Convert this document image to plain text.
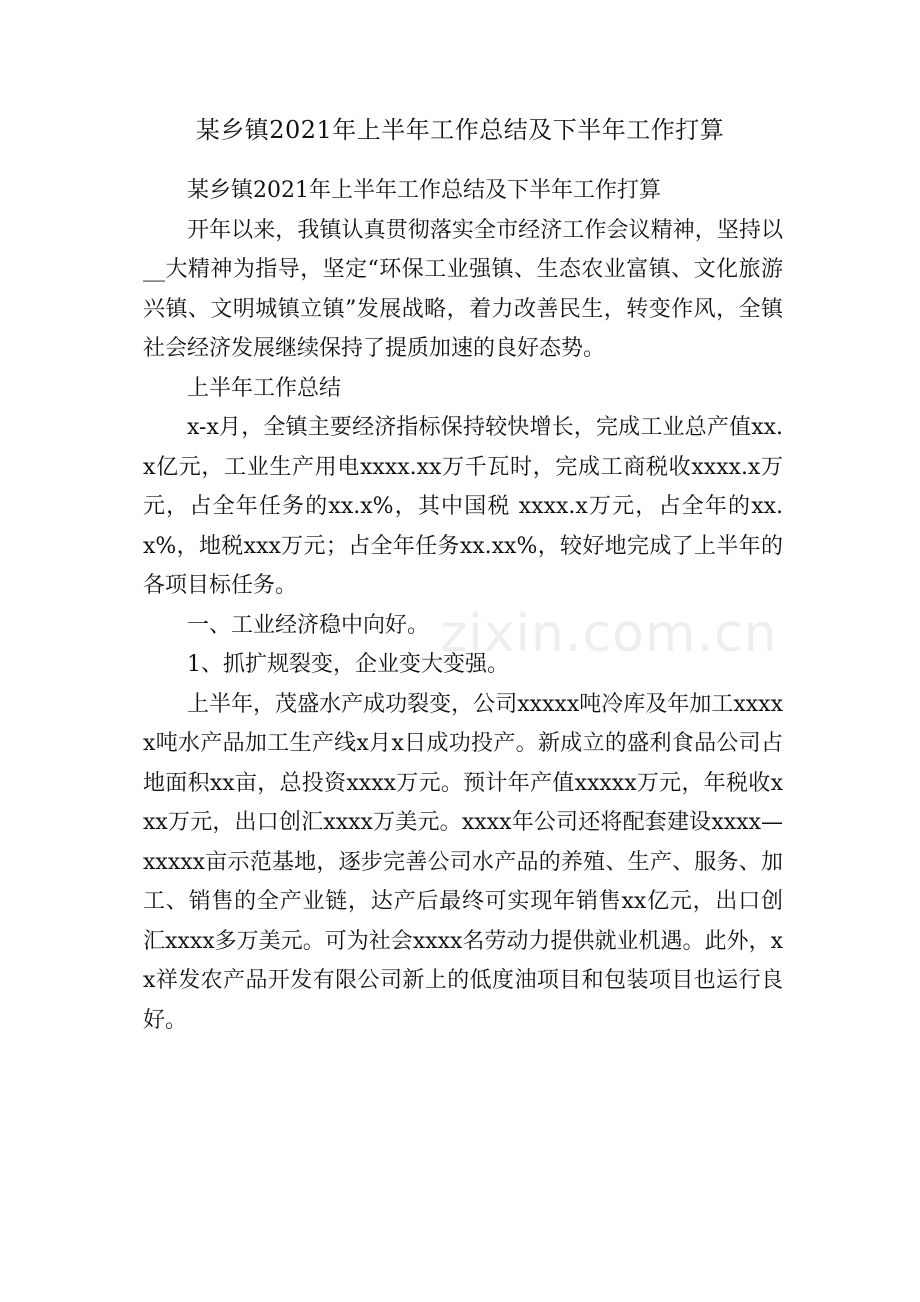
某乡镇2021年上半年工作总结及下半年工作打算

某乡镇2021年上半年工作总结及下半年工作打算

开年以来，我镇认真贯彻落实全市经济工作会议精神，坚持以__大精神为指导，坚定“环保工业强镇、生态农业富镇、文化旅游兴镇、文明城镇立镇”发展战略，着力改善民生，转变作风，全镇社会经济发展继续保持了提质加速的良好态势。

上半年工作总结

x-x月，全镇主要经济指标保持较快增长，完成工业总产值xx.x亿元，工业生产用电xxxx.xx万千瓦时，完成工商税收xxxx.x万元，占全年任务的xx.x%，其中国税 xxxx.x万元，占全年的xx.x%，地税xxx万元；占全年任务xx.xx%，较好地完成了上半年的各项目标任务。

一、工业经济稳中向好。

1、抓扩规裂变，企业变大变强。

上半年，茂盛水产成功裂变，公司xxxxx吨冷库及年加工xxxxx吨水产品加工生产线x月x日成功投产。新成立的盛利食品公司占地面积xx亩，总投资xxxx万元。预计年产值xxxxx万元，年税收xxx万元，出口创汇xxxx万美元。xxxx年公司还将配套建设xxxx—xxxxx亩示范基地，逐步完善公司水产品的养殖、生产、服务、加工、销售的全产业链，达产后最终可实现年销售xx亿元，出口创汇xxxx多万美元。可为社会xxxx名劳动力提供就业机遇。此外，xx祥发农产品开发有限公司新上的低度油项目和包装项目也运行良好。

zixin.com.cn
